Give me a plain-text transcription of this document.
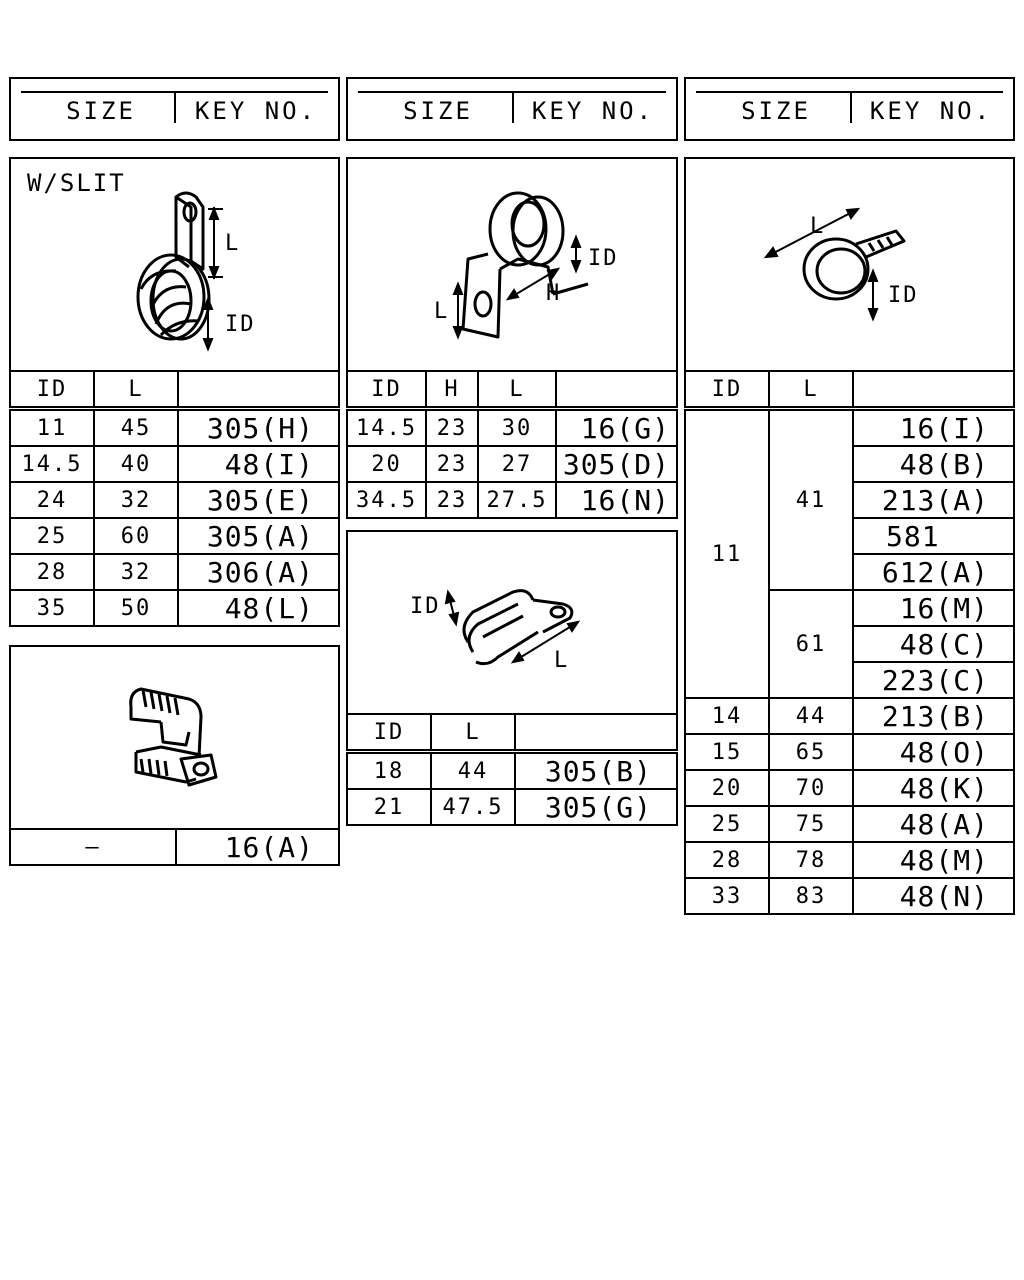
SIZE	KEY NO.	SIZE	KEY NO.	SIZE	KEY NO.
W/SLIT
L
ID
ID	L	
11	45	305(H)
14.5	40	48(I)
24	32	305(E)
25	60	305(A)
28	32	306(A)
35	50	48(L)
–	16(A)
ID
H
L
ID	H	L	
14.5	23	30	16(G)
20	23	27	305(D)
34.5	23	27.5	16(N)
ID
L
ID	L	
18	44	305(B)
21	47.5	305(G)
L
ID
ID	L	
11	41	16(I)
		48(B)
		213(A)
		581
		612(A)
	61	16(M)
		48(C)
		223(C)
14	44	213(B)
15	65	48(O)
20	70	48(K)
25	75	48(A)
28	78	48(M)
33	83	48(N)
